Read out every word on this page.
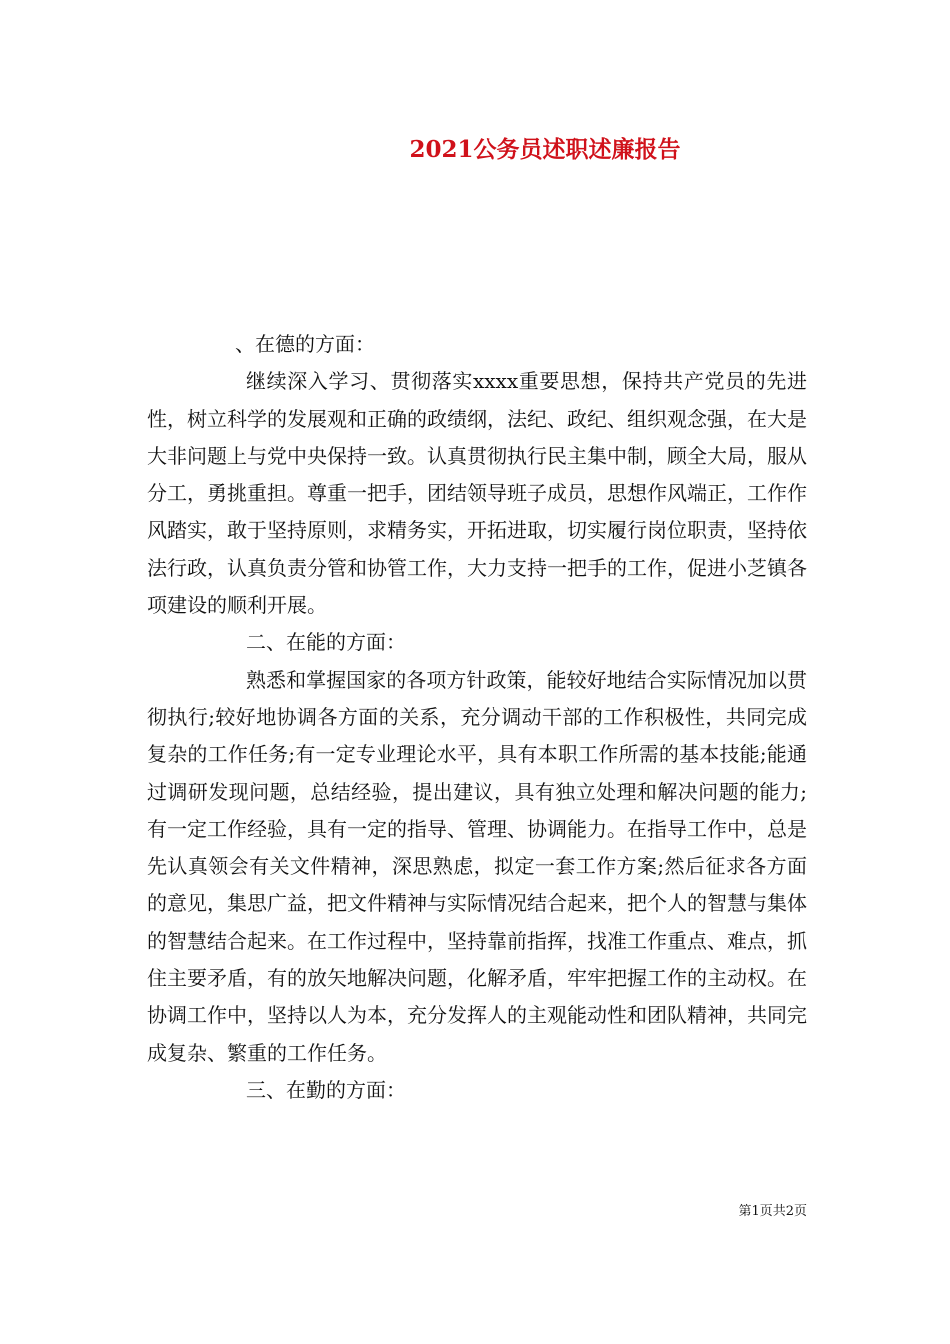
2021公务员述职述廉报告

、在德的方面：

继续深入学习、贯彻落实xxxx重要思想，保持共产党员的先进性，树立科学的发展观和正确的政绩纲，法纪、政纪、组织观念强，在大是大非问题上与党中央保持一致。认真贯彻执行民主集中制，顾全大局，服从分工，勇挑重担。尊重一把手，团结领导班子成员，思想作风端正，工作作风踏实，敢于坚持原则，求精务实，开拓进取，切实履行岗位职责，坚持依法行政，认真负责分管和协管工作，大力支持一把手的工作，促进小芝镇各项建设的顺利开展。

二、在能的方面：

熟悉和掌握国家的各项方针政策，能较好地结合实际情况加以贯彻执行;较好地协调各方面的关系，充分调动干部的工作积极性，共同完成复杂的工作任务;有一定专业理论水平，具有本职工作所需的基本技能;能通过调研发现问题，总结经验，提出建议，具有独立处理和解决问题的能力;有一定工作经验，具有一定的指导、管理、协调能力。在指导工作中，总是先认真领会有关文件精神，深思熟虑，拟定一套工作方案;然后征求各方面的意见，集思广益，把文件精神与实际情况结合起来，把个人的智慧与集体的智慧结合起来。在工作过程中，坚持靠前指挥，找准工作重点、难点，抓住主要矛盾，有的放矢地解决问题，化解矛盾，牢牢把握工作的主动权。在协调工作中，坚持以人为本，充分发挥人的主观能动性和团队精神，共同完成复杂、繁重的工作任务。

三、在勤的方面：

第1页共2页
